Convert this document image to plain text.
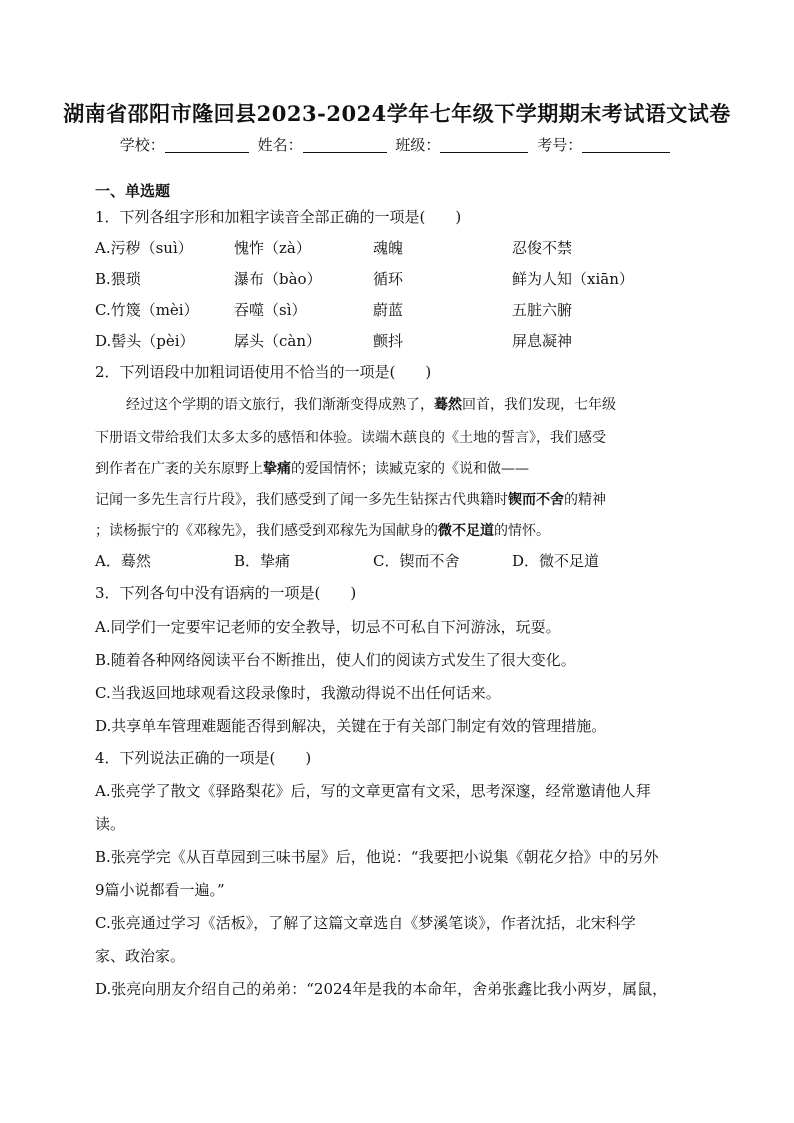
湖南省邵阳市隆回县2023-2024学年七年级下学期期末考试语文试卷
学校：	姓名：	班级：	考号：
一、单选题
1．下列各组字形和加粗字读音全部正确的一项是(　　)
A.污秽（suì）	愧怍（zà）	魂魄	忍俊不禁
B.猥琐	瀑布（bào）	循环	鲜为人知（xiān）
C.竹篾（mèi） 吞噬（sì）	蔚蓝	五脏六腑
D.髻头（pèi）	孱头（càn）	颤抖	屏息凝神
2．下列语段中加粗词语使用不恰当的一项是(　　)
经过这个学期的语文旅行，我们渐渐变得成熟了，蓦然回首，我们发现，七年级
下册语文带给我们太多太多的感悟和体验。读端木蕻良的《土地的誓言》，我们感受
到作者在广袤的关东原野上挚痛的爱国情怀；读臧克家的《说和做——
记闻一多先生言行片段》，我们感受到了闻一多先生钻探古代典籍时锲而不舍的精神
；读杨振宁的《邓稼先》，我们感受到邓稼先为国献身的微不足道的情怀。
A．蓦然	B．挚痛	C．锲而不舍	D．微不足道
3．下列各句中没有语病的一项是(　　)
A.同学们一定要牢记老师的安全教导，切忌不可私自下河游泳，玩耍。
B.随着各种网络阅读平台不断推出，使人们的阅读方式发生了很大变化。
C.当我返回地球观看这段录像时，我激动得说不出任何话来。
D.共享单车管理难题能否得到解决，关键在于有关部门制定有效的管理措施。
4．下列说法正确的一项是(　　)
A.张亮学了散文《驿路梨花》后，写的文章更富有文采，思考深邃，经常邀请他人拜
读。
B.张亮学完《从百草园到三味书屋》后，他说：“我要把小说集《朝花夕拾》中的另外
9篇小说都看一遍。”
C.张亮通过学习《活板》，了解了这篇文章选自《梦溪笔谈》，作者沈括，北宋科学
家、政治家。
D.张亮向朋友介绍自己的弟弟：“2024年是我的本命年，舍弟张鑫比我小两岁，属鼠，
